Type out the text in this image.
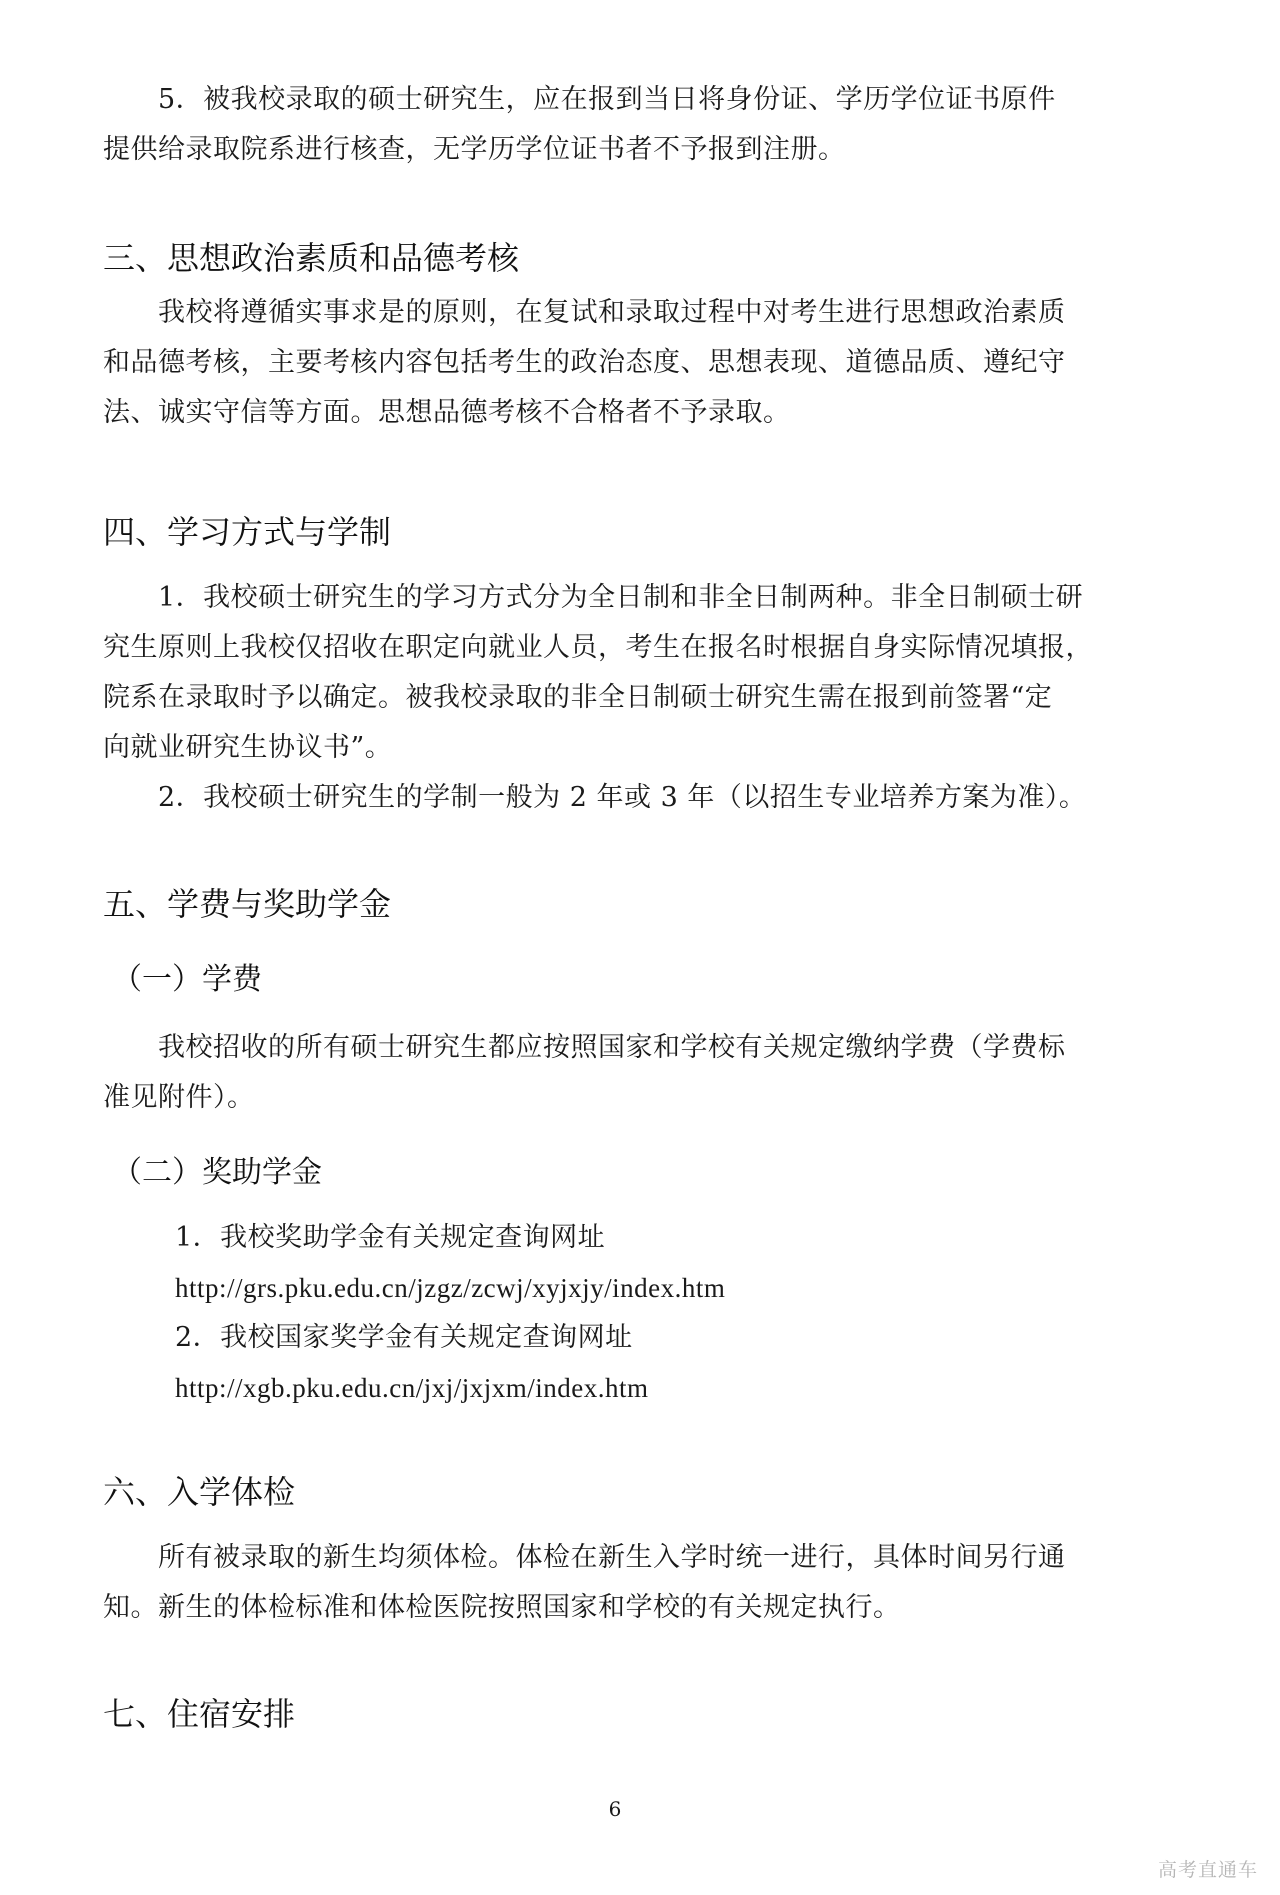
5．被我校录取的硕士研究生，应在报到当日将身份证、学历学位证书原件
提供给录取院系进行核查，无学历学位证书者不予报到注册。
三、思想政治素质和品德考核
我校将遵循实事求是的原则，在复试和录取过程中对考生进行思想政治素质
和品德考核，主要考核内容包括考生的政治态度、思想表现、道德品质、遵纪守
法、诚实守信等方面。思想品德考核不合格者不予录取。
四、学习方式与学制
1．我校硕士研究生的学习方式分为全日制和非全日制两种。非全日制硕士研
究生原则上我校仅招收在职定向就业人员，考生在报名时根据自身实际情况填报，
院系在录取时予以确定。被我校录取的非全日制硕士研究生需在报到前签署“定
向就业研究生协议书”。
2．我校硕士研究生的学制一般为 2 年或 3 年（以招生专业培养方案为准）。
五、学费与奖助学金
（一）学费
我校招收的所有硕士研究生都应按照国家和学校有关规定缴纳学费（学费标
准见附件）。
（二）奖助学金
1．我校奖助学金有关规定查询网址
http://grs.pku.edu.cn/jzgz/zcwj/xyjxjy/index.htm
2．我校国家奖学金有关规定查询网址
http://xgb.pku.edu.cn/jxj/jxjxm/index.htm
六、入学体检
所有被录取的新生均须体检。体检在新生入学时统一进行，具体时间另行通
知。新生的体检标准和体检医院按照国家和学校的有关规定执行。
七、住宿安排
6
高考直通车
